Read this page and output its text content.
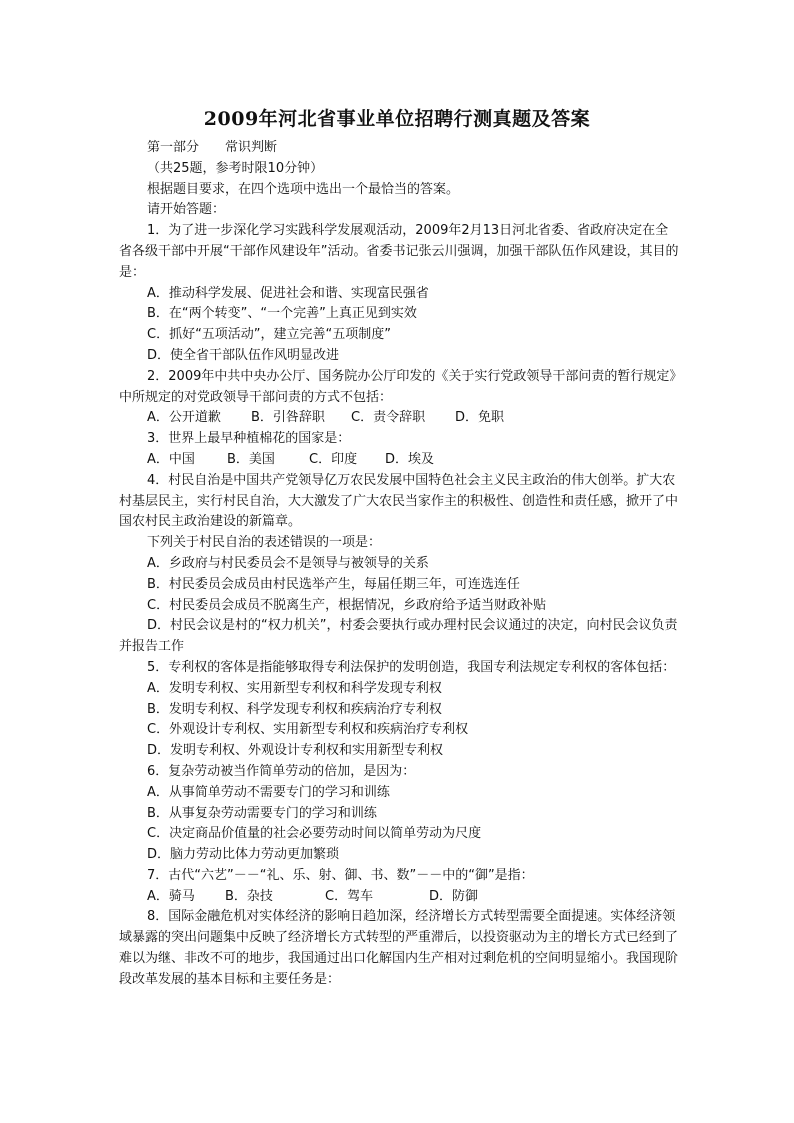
2009年河北省事业单位招聘行测真题及答案

第一部分 常识判断

（共25题，参考时限10分钟）

根据题目要求，在四个选项中选出一个最恰当的答案。

请开始答题：

1．为了进一步深化学习实践科学发展观活动，2009年2月13日河北省委、省政府决定在全省各级干部中开展“干部作风建设年”活动。省委书记张云川强调，加强干部队伍作风建设，其目的是：

A．推动科学发展、促进社会和谐、实现富民强省

B．在“两个转变”、“一个完善”上真正见到实效

C．抓好“五项活动”，建立完善“五项制度”

D．使全省干部队伍作风明显改进

2．2009年中共中央办公厅、国务院办公厅印发的《关于实行党政领导干部问责的暂行规定》中所规定的对党政领导干部问责的方式不包括：

A．公开道歉 B．引咎辞职 C．责令辞职 D．免职

3．世界上最早种植棉花的国家是：

A．中国 B．美国	C．印度 D．埃及

4．村民自治是中国共产党领导亿万农民发展中国特色社会主义民主政治的伟大创举。扩大农村基层民主，实行村民自治，大大激发了广大农民当家作主的积极性、创造性和责任感，掀开了中国农村民主政治建设的新篇章。

下列关于村民自治的表述错误的一项是：

A．乡政府与村民委员会不是领导与被领导的关系

B．村民委员会成员由村民选举产生，每届任期三年，可连选连任

C．村民委员会成员不脱离生产，根据情况，乡政府给予适当财政补贴

D．村民会议是村的“权力机关”，村委会要执行或办理村民会议通过的决定，向村民会议负责并报告工作

5．专利权的客体是指能够取得专利法保护的发明创造，我国专利法规定专利权的客体包括：

A．发明专利权、实用新型专利权和科学发现专利权

B．发明专利权、科学发现专利权和疾病治疗专利权

C．外观设计专利权、实用新型专利权和疾病治疗专利权

D．发明专利权、外观设计专利权和实用新型专利权

6．复杂劳动被当作简单劳动的倍加，是因为：

A．从事简单劳动不需要专门的学习和训练

B．从事复杂劳动需要专门的学习和训练

C．决定商品价值量的社会必要劳动时间以简单劳动为尺度

D．脑力劳动比体力劳动更加繁琐

7．古代“六艺”－－“礼、乐、射、御、书、数”－－中的“御”是指：

A．骑马 B．杂技	C．驾车	D．防御

8．国际金融危机对实体经济的影响日趋加深，经济增长方式转型需要全面提速。实体经济领域暴露的突出问题集中反映了经济增长方式转型的严重滞后，以投资驱动为主的增长方式已经到了难以为继、非改不可的地步，我国通过出口化解国内生产相对过剩危机的空间明显缩小。我国现阶段改革发展的基本目标和主要任务是：
